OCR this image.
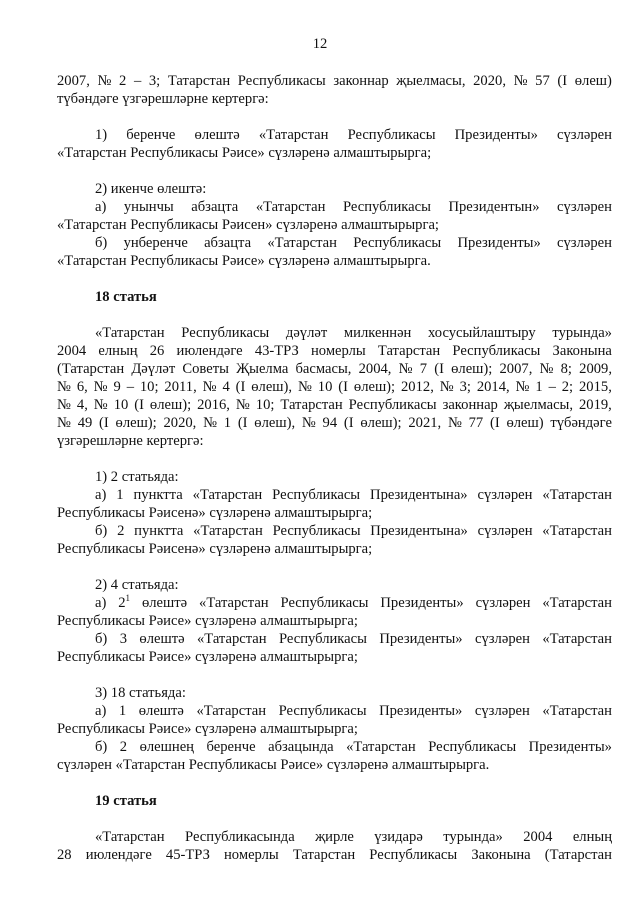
12
2007, № 2 – 3; Татарстан Республикасы законнар җыелмасы, 2020, № 57 (I өлеш)
түбәндәге үзгәрешләрне кертергә:
1) беренче өлештә «Татарстан Республикасы Президенты» сүзләрен
«Татарстан Республикасы Рәисе» сүзләренә алмаштырырга;
2) икенче өлештә:
а) унынчы абзацта «Татарстан Республикасы Президентын» сүзләрен
«Татарстан Республикасы Рәисен» сүзләренә алмаштырырга;
б) унберенче абзацта «Татарстан Республикасы Президенты» сүзләрен
«Татарстан Республикасы Рәисе» сүзләренә алмаштырырга.
18 статья
«Татарстан Республикасы дәүләт милкеннән хосусыйлаштыру турында»
2004 елның 26 июлендәге 43-ТРЗ номерлы Татарстан Республикасы Законына
(Татарстан Дәүләт Советы Җыелма басмасы, 2004, № 7 (I өлеш); 2007, № 8; 2009,
№ 6, № 9 – 10; 2011, № 4 (I өлеш), № 10 (I өлеш); 2012, № 3; 2014, № 1 – 2; 2015,
№ 4, № 10 (I өлеш); 2016, № 10; Татарстан Республикасы законнар җыелмасы, 2019,
№ 49 (I өлеш); 2020, № 1 (I өлеш), № 94 (I өлеш); 2021, № 77 (I өлеш) түбәндәге
үзгәрешләрне кертергә:
1) 2 статьяда:
а) 1 пунктта «Татарстан Республикасы Президентына» сүзләрен «Татарстан
Республикасы Рәисенә» сүзләренә алмаштырырга;
б) 2 пунктта «Татарстан Республикасы Президентына» сүзләрен «Татарстан
Республикасы Рәисенә» сүзләренә алмаштырырга;
2) 4 статьяда:
а) $2^1$ өлештә «Татарстан Республикасы Президенты» сүзләрен «Татарстан
Республикасы Рәисе» сүзләренә алмаштырырга;
б) 3 өлештә «Татарстан Республикасы Президенты» сүзләрен «Татарстан
Республикасы Рәисе» сүзләренә алмаштырырга;
3) 18 статьяда:
а) 1 өлештә «Татарстан Республикасы Президенты» сүзләрен «Татарстан
Республикасы Рәисе» сүзләренә алмаштырырга;
б) 2 өлешнең беренче абзацында «Татарстан Республикасы Президенты»
сүзләрен «Татарстан Республикасы Рәисе» сүзләренә алмаштырырга.
19 статья
«Татарстан Республикасында җирле үзидарә турында» 2004 елның
28 июлендәге 45-ТРЗ номерлы Татарстан Республикасы Законына (Татарстан
